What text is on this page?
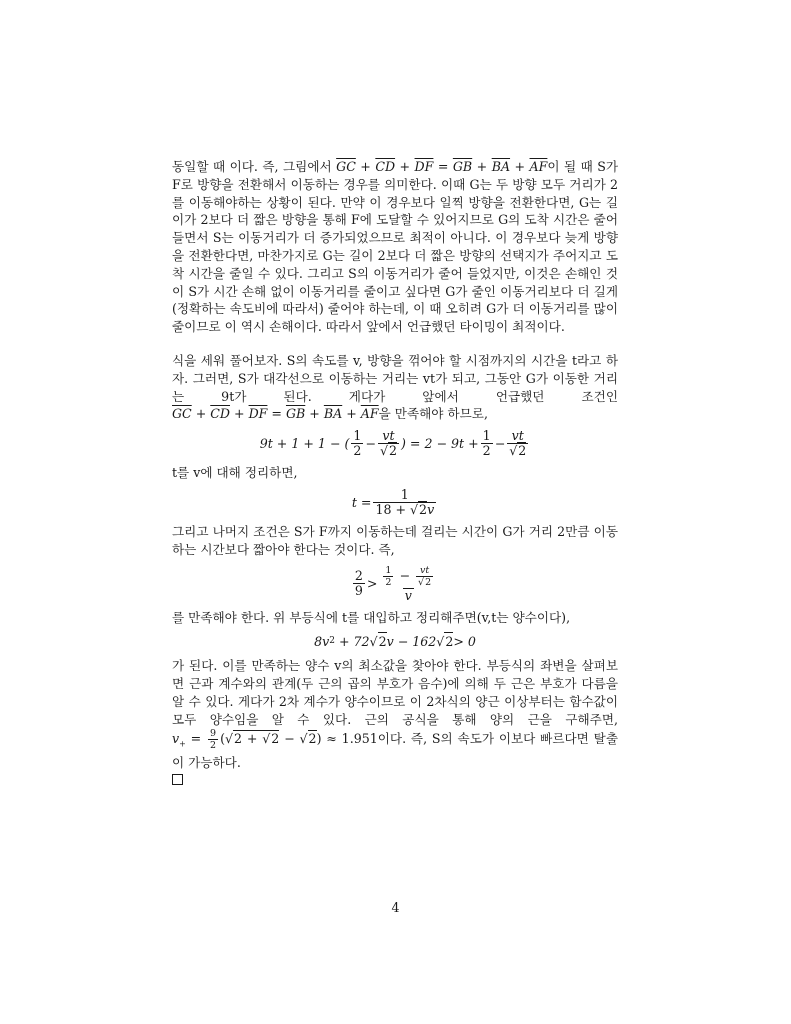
동일할 때 이다. 즉, 그림에서 $\overline{GC} + \overline{CD} + \overline{DF} = \overline{GB} + \overline{BA} + \overline{AF}$이 될 때 S가 F로 방향을 전환해서 이동하는 경우를 의미한다. 이때 G는 두 방향 모두 거리가 2를 이동해야하는 상황이 된다. 만약 이 경우보다 일찍 방향을 전환한다면, G는 길이가 2보다 더 짧은 방향을 통해 F에 도달할 수 있어지므로 G의 도착 시간은 줄어들면서 S는 이동거리가 더 증가되었으므로 최적이 아니다. 이 경우보다 늦게 방향을 전환한다면, 마찬가지로 G는 길이 2보다 더 짧은 방향의 선택지가 주어지고 도착 시간을 줄일 수 있다. 그리고 S의 이동거리가 줄어 들었지만, 이것은 손해인 것이 S가 시간 손해 없이 이동거리를 줄이고 싶다면 G가 줄인 이동거리보다 더 길게(정확하는 속도비에 따라서) 줄어야 하는데, 이 때 오히려 G가 더 이동거리를 많이 줄이므로 이 역시 손해이다. 따라서 앞에서 언급했던 타이밍이 최적이다.

식을 세워 풀어보자. S의 속도를 v, 방향을 꺾어야 할 시점까지의 시간을 t라고 하자. 그러면, S가 대각선으로 이동하는 거리는 vt가 되고, 그동안 G가 이동한 거리는 9t가 된다. 게다가 앞에서 언급했던 조건인 $\overline{GC} + \overline{CD} + \overline{DF} = \overline{GB} + \overline{BA} + \overline{AF}$을 만족해야 하므로,

9t + 1 + 1 − ( $\frac{1}{2} - \frac{vt}{√2}$ ) = $2 - 9t + \frac{1}{2} - \frac{vt}{√2}$

t를 v에 대해 정리하면,

$t = \frac{1}{18 + √2v}$

그리고 나머지 조건은 S가 F까지 이동하는데 걸리는 시간이 G가 거리 2만큼 이동하는 시간보다 짧아야 한다는 것이다. 즉,

$\frac{2}{9} > \frac{\frac{1}{2} - \frac{vt}{√2}}{v}$

를 만족해야 한다. 위 부등식에 t를 대입하고 정리해주면(v,t는 양수이다),

8v 2 + 72 √ 2 v − 162 √ 2 > 0

가 된다. 이를 만족하는 양수 v의 최소값을 찾아야 한다. 부등식의 좌변을 살펴보면 근과 계수와의 관계(두 근의 곱의 부호가 음수)에 의해 두 근은 부호가 다름을 알 수 있다. 게다가 2차 계수가 양수이므로 이 2차식의 양근 이상부터는 함수값이 모두 양수임을 알 수 있다. 근의 공식을 통해 양의 근을 구해주면, $v_+ = \frac{9}{2} (√2 + √2 - √2) \approx 1.951$이다. 즉, S의 속도가 이보다 빠르다면 탈출이 가능하다.

4
